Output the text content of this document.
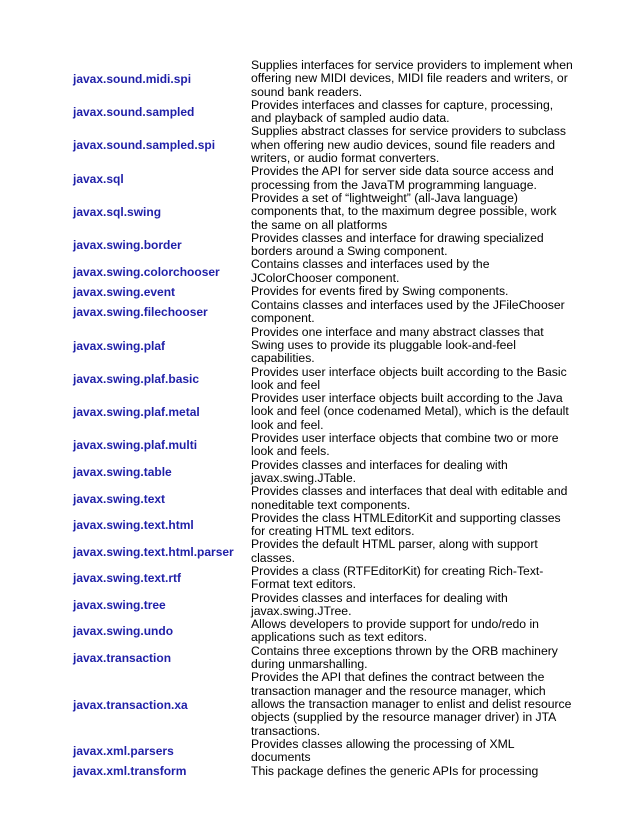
javax.sound.midi.spi	Supplies interfaces for service providers to implement when offering new MIDI devices, MIDI file readers and writers, or sound bank readers.
javax.sound.sampled	Provides interfaces and classes for capture, processing, and playback of sampled audio data.
javax.sound.sampled.spi	Supplies abstract classes for service providers to subclass when offering new audio devices, sound file readers and writers, or audio format converters.
javax.sql	Provides the API for server side data source access and processing from the JavaTM programming language.
javax.sql.swing	Provides a set of “lightweight” (all-Java language) components that, to the maximum degree possible, work the same on all platforms
javax.swing.border	Provides classes and interface for drawing specialized borders around a Swing component.
javax.swing.colorchooser	Contains classes and interfaces used by the JColorChooser component.
javax.swing.event	Provides for events fired by Swing components.
javax.swing.filechooser	Contains classes and interfaces used by the JFileChooser component.
javax.swing.plaf	Provides one interface and many abstract classes that Swing uses to provide its pluggable look-and-feel capabilities.
javax.swing.plaf.basic	Provides user interface objects built according to the Basic look and feel
javax.swing.plaf.metal	Provides user interface objects built according to the Java look and feel (once codenamed Metal), which is the default look and feel.
javax.swing.plaf.multi	Provides user interface objects that combine two or more look and feels.
javax.swing.table	Provides classes and interfaces for dealing with javax.swing.JTable.
javax.swing.text	Provides classes and interfaces that deal with editable and noneditable text components.
javax.swing.text.html	Provides the class HTMLEditorKit and supporting classes for creating HTML text editors.
javax.swing.text.html.parser	Provides the default HTML parser, along with support classes.
javax.swing.text.rtf	Provides a class (RTFEditorKit) for creating Rich-Text-Format text editors.
javax.swing.tree	Provides classes and interfaces for dealing with javax.swing.JTree.
javax.swing.undo	Allows developers to provide support for undo/redo in applications such as text editors.
javax.transaction	Contains three exceptions thrown by the ORB machinery during unmarshalling.
javax.transaction.xa	Provides the API that defines the contract between the transaction manager and the resource manager, which allows the transaction manager to enlist and delist resource objects (supplied by the resource manager driver) in JTA transactions.
javax.xml.parsers	Provides classes allowing the processing of XML documents
javax.xml.transform	This package defines the generic APIs for processing
